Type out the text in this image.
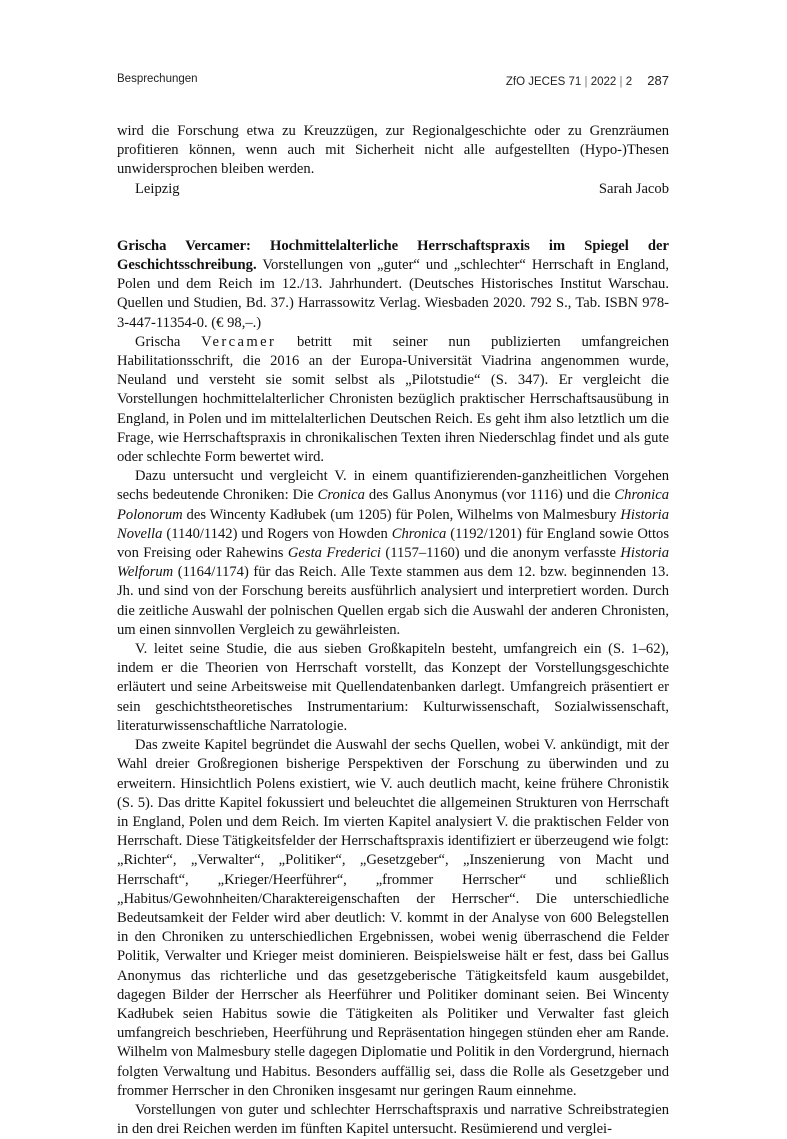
Besprechungen	ZfO JECES 71 | 2022 | 2 287

wird die Forschung etwa zu Kreuzzügen, zur Regionalgeschichte oder zu Grenzräumen profitieren können, wenn auch mit Sicherheit nicht alle aufgestellten (Hypo-)Thesen unwidersprochen bleiben werden.

Leipzig	Sarah Jacob

Grischa Vercamer: Hochmittelalterliche Herrschaftspraxis im Spiegel der Geschichtsschreibung. Vorstellungen von „guter“ und „schlechter“ Herrschaft in England, Polen und dem Reich im 12./13. Jahrhundert. (Deutsches Historisches Institut Warschau. Quellen und Studien, Bd. 37.) Harrassowitz Verlag. Wiesbaden 2020. 792 S., Tab. ISBN 978-3-447-11354-0. (€ 98,–.)

Grischa Vercamer betritt mit seiner nun publizierten umfangreichen Habilitationsschrift, die 2016 an der Europa-Universität Viadrina angenommen wurde, Neuland und versteht sie somit selbst als „Pilotstudie“ (S. 347). Er vergleicht die Vorstellungen hochmittelalterlicher Chronisten bezüglich praktischer Herrschaftsausübung in England, in Polen und im mittelalterlichen Deutschen Reich. Es geht ihm also letztlich um die Frage, wie Herrschaftspraxis in chronikalischen Texten ihren Niederschlag findet und als gute oder schlechte Form bewertet wird.

Dazu untersucht und vergleicht V. in einem quantifizierenden-ganzheitlichen Vorgehen sechs bedeutende Chroniken: Die Cronica des Gallus Anonymus (vor 1116) und die Chronica Polonorum des Wincenty Kadłubek (um 1205) für Polen, Wilhelms von Malmesbury Historia Novella (1140/1142) und Rogers von Howden Chronica (1192/1201) für England sowie Ottos von Freising oder Rahewins Gesta Frederici (1157–1160) und die anonym verfasste Historia Welforum (1164/1174) für das Reich. Alle Texte stammen aus dem 12. bzw. beginnenden 13. Jh. und sind von der Forschung bereits ausführlich analysiert und interpretiert worden. Durch die zeitliche Auswahl der polnischen Quellen ergab sich die Auswahl der anderen Chronisten, um einen sinnvollen Vergleich zu gewährleisten.

V. leitet seine Studie, die aus sieben Großkapiteln besteht, umfangreich ein (S. 1–62), indem er die Theorien von Herrschaft vorstellt, das Konzept der Vorstellungsgeschichte erläutert und seine Arbeitsweise mit Quellendatenbanken darlegt. Umfangreich präsentiert er sein geschichtstheoretisches Instrumentarium: Kulturwissenschaft, Sozialwissenschaft, literaturwissenschaftliche Narratologie.

Das zweite Kapitel begründet die Auswahl der sechs Quellen, wobei V. ankündigt, mit der Wahl dreier Großregionen bisherige Perspektiven der Forschung zu überwinden und zu erweitern. Hinsichtlich Polens existiert, wie V. auch deutlich macht, keine frühere Chronistik (S. 5). Das dritte Kapitel fokussiert und beleuchtet die allgemeinen Strukturen von Herrschaft in England, Polen und dem Reich. Im vierten Kapitel analysiert V. die praktischen Felder von Herrschaft. Diese Tätigkeitsfelder der Herrschaftspraxis identifiziert er überzeugend wie folgt: „Richter“, „Verwalter“, „Politiker“, „Gesetzgeber“, „Inszenierung von Macht und Herrschaft“, „Krieger/Heerführer“, „frommer Herrscher“ und schließlich „Habitus/Gewohnheiten/Charaktereigenschaften der Herrscher“. Die unterschiedliche Bedeutsamkeit der Felder wird aber deutlich: V. kommt in der Analyse von 600 Belegstellen in den Chroniken zu unterschiedlichen Ergebnissen, wobei wenig überraschend die Felder Politik, Verwalter und Krieger meist dominieren. Beispielsweise hält er fest, dass bei Gallus Anonymus das richterliche und das gesetzgeberische Tätigkeitsfeld kaum ausgebildet, dagegen Bilder der Herrscher als Heerführer und Politiker dominant seien. Bei Wincenty Kadłubek seien Habitus sowie die Tätigkeiten als Politiker und Verwalter fast gleich umfangreich beschrieben, Heerführung und Repräsentation hingegen stünden eher am Rande. Wilhelm von Malmesbury stelle dagegen Diplomatie und Politik in den Vordergrund, hiernach folgten Verwaltung und Habitus. Besonders auffällig sei, dass die Rolle als Gesetzgeber und frommer Herrscher in den Chroniken insgesamt nur geringen Raum einnehme.

Vorstellungen von guter und schlechter Herrschaftspraxis und narrative Schreibstrategien in den drei Reichen werden im fünften Kapitel untersucht. Resümierend und verglei-
